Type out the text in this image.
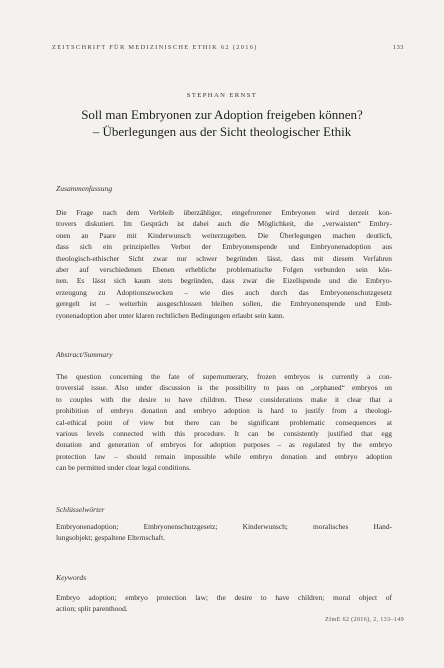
ZEITSCHRIFT FÜR MEDIZINISCHE ETHIK 62 (2016)	133
STEPHAN ERNST
Soll man Embryonen zur Adoption freigeben können?
– Überlegungen aus der Sicht theologischer Ethik
Zusammenfassung
Die Frage nach dem Verbleib überzähliger, eingefrorener Embryonen wird derzeit kon-
trovers diskutiert. Im Gespräch ist dabei auch die Möglichkeit, die „verwaisten“ Embry-
onen an Paare mit Kinderwunsch weiterzugeben. Die Überlegungen machen deutlich,
dass sich ein prinzipielles Verbot der Embryonenspende und Embryonenadoption aus
theologisch-ethischer Sicht zwar nur schwer begründen lässt, dass mit diesem Verfahren
aber auf verschiedenen Ebenen erhebliche problematische Folgen verbunden sein kön-
nen. Es lässt sich kaum stets begründen, dass zwar die Eizellspende und die Embryo-
erzeugung zu Adoptionszwecken – wie dies auch durch das Embryonenschutzgesetz
geregelt ist – weiterhin ausgeschlossen bleiben sollen, die Embryonenspende und Emb-
ryonenadoption aber unter klaren rechtlichen Bedingungen erlaubt sein kann.
Abstract/Summary
The question concerning the fate of supernumerary, frozen embryos is currently a con-
troversial issue. Also under discussion is the possibility to pass on „orphaned“ embryos on
to couples with the desire to have children. These considerations make it clear that a
prohibition of embryo donation and embryo adoption is hard to justify from a theologi-
cal-ethical point of view but there can be significant problematic consequences at
various levels connected with this procedure. It can be consistently justified that egg
donation and generation of embryos for adoption purposes – as regulated by the embryo
protection law – should remain impossible while embryo donation and embryo adoption
can be permitted under clear legal conditions.
Schlüsselwörter
Embryonenadoption; Embryonenschutzgesetz; Kinderwunsch; moralisches Hand-
lungsobjekt; gespaltene Elternschaft.
Keywords
Embryo adoption; embryo protection law; the desire to have children; moral object of
action; split parenthood.
ZfmE 62 (2016), 2, 133–149
